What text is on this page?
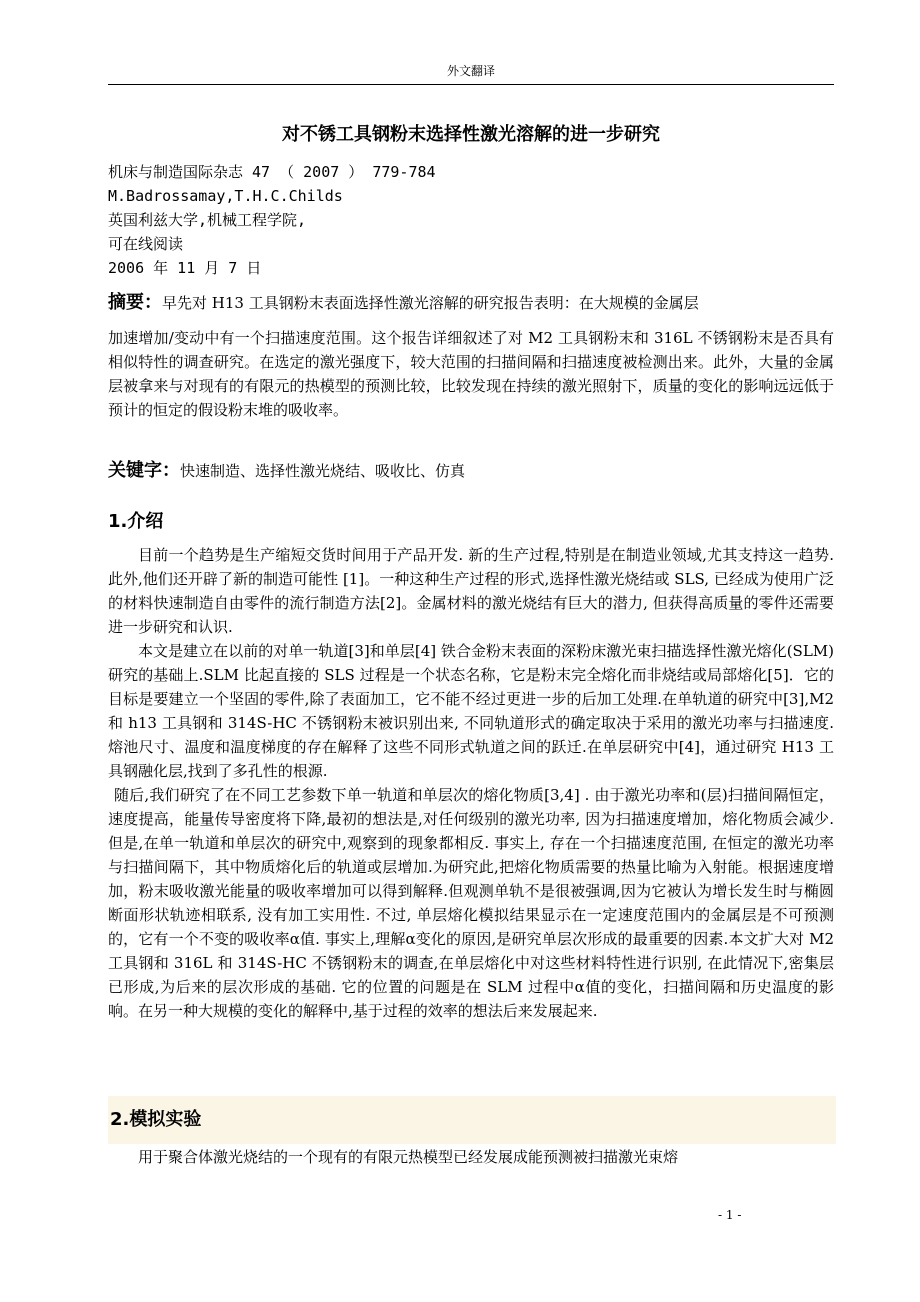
外文翻译
对不锈工具钢粉末选择性激光溶解的进一步研究
机床与制造国际杂志 47 （ 2007 ） 779-784
M.Badrossamay,T.H.C.Childs
英国利兹大学,机械工程学院,
可在线阅读
2006 年 11 月 7 日
摘要：早先对 H13 工具钢粉末表面选择性激光溶解的研究报告表明：在大规模的金属层
加速增加/变动中有一个扫描速度范围。这个报告详细叙述了对 M2 工具钢粉末和 316L 不锈钢粉末是否具有相似特性的调查研究。在选定的激光强度下，较大范围的扫描间隔和扫描速度被检测出来。此外，大量的金属层被拿来与对现有的有限元的热模型的预测比较，比较发现在持续的激光照射下，质量的变化的影响远远低于预计的恒定的假设粉末堆的吸收率。
关键字：快速制造、选择性激光烧结、吸收比、仿真
1.介绍

目前一个趋势是生产缩短交货时间用于产品开发. 新的生产过程,特别是在制造业领域,尤其支持这一趋势. 此外,他们还开辟了新的制造可能性 [1]。一种这种生产过程的形式,选择性激光烧结或 SLS, 已经成为使用广泛的材料快速制造自由零件的流行制造方法[2]。金属材料的激光烧结有巨大的潜力, 但获得高质量的零件还需要进一步研究和认识.

本文是建立在以前的对单一轨道[3]和单层[4] 铁合金粉末表面的深粉床激光束扫描选择性激光熔化(SLM)研究的基础上.SLM 比起直接的 SLS 过程是一个状态名称，它是粉末完全熔化而非烧结或局部熔化[5]．它的目标是要建立一个坚固的零件,除了表面加工，它不能不经过更进一步的后加工处理.在单轨道的研究中[3],M2 和 h13 工具钢和 314S-HC 不锈钢粉末被识别出来, 不同轨道形式的确定取决于采用的激光功率与扫描速度.熔池尺寸、温度和温度梯度的存在解释了这些不同形式轨道之间的跃迁.在单层研究中[4]，通过研究 H13 工具钢融化层,找到了多孔性的根源.

随后,我们研究了在不同工艺参数下单一轨道和单层次的熔化物质[3,4] . 由于激光功率和(层)扫描间隔恒定，速度提高，能量传导密度将下降,最初的想法是,对任何级别的激光功率, 因为扫描速度增加，熔化物质会减少. 但是,在单一轨道和单层次的研究中,观察到的现象都相反. 事实上, 存在一个扫描速度范围, 在恒定的激光功率与扫描间隔下，其中物质熔化后的轨道或层增加.为研究此,把熔化物质需要的热量比喻为入射能。根据速度增加，粉末吸收激光能量的吸收率增加可以得到解释.但观测单轨不是很被强调,因为它被认为增长发生时与椭圆断面形状轨迹相联系, 没有加工实用性. 不过, 单层熔化模拟结果显示在一定速度范围内的金属层是不可预测的，它有一个不变的吸收率α值. 事实上,理解α变化的原因,是研究单层次形成的最重要的因素.本文扩大对 M2 工具钢和 316L 和 314S-HC 不锈钢粉末的调查,在单层熔化中对这些材料特性进行识别, 在此情况下,密集层已形成,为后来的层次形成的基础. 它的位置的问题是在 SLM 过程中α值的变化，扫描间隔和历史温度的影响。在另一种大规模的变化的解释中,基于过程的效率的想法后来发展起来.

2.模拟实验

用于聚合体激光烧结的一个现有的有限元热模型已经发展成能预测被扫描激光束熔

- 1 -
